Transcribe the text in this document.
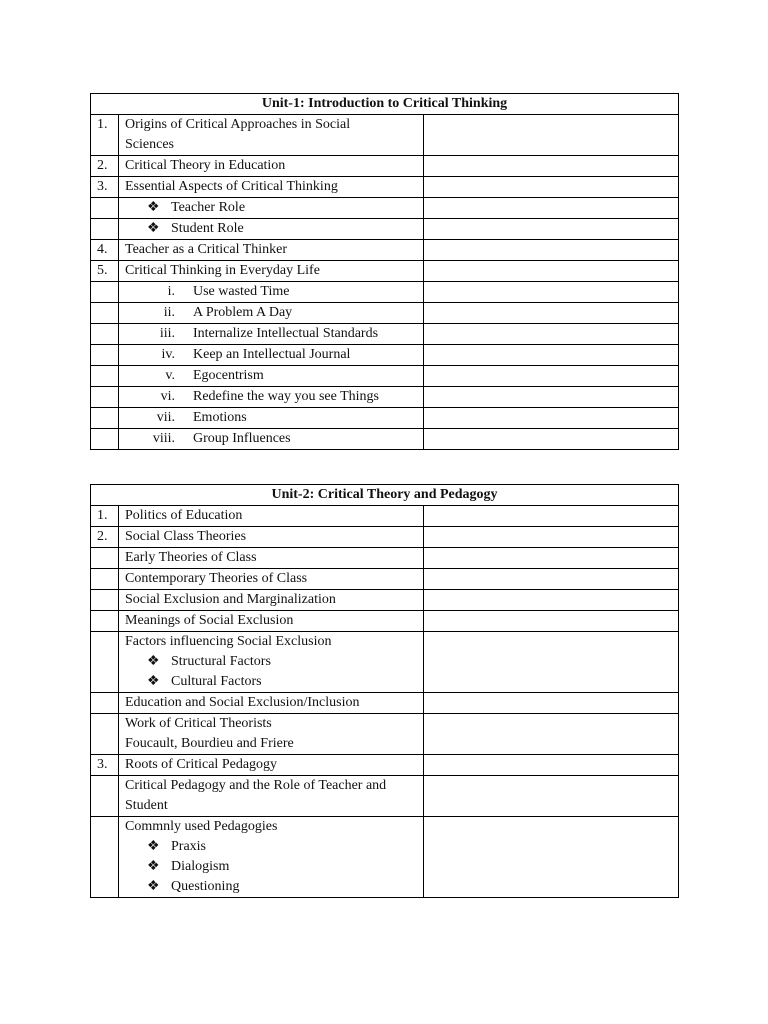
Unit-1: Introduction to Critical Thinking		
1.	Origins of Critical Approaches in Social
Sciences	

2.	Critical Theory in Education	
3.	Essential Aspects of Critical Thinking	

	❖ Teacher Role	

	❖ Student Role	

4.	Teacher as a Critical Thinker	
5.	Critical Thinking in Everyday Life	

	i. Use wasted Time	

	ii. A Problem A Day	

	iii. Internalize Intellectual Standards	

	iv. Keep an Intellectual Journal	

	v. Egocentrism	

	vi. Redefine the way you see Things	

	vii. Emotions	

	viii. Group Influences	

Unit-2: Critical Theory and Pedagogy		
1.	Politics of Education	
2.	Social Class Theories	
	Early Theories of Class	
	Contemporary Theories of Class	
	Social Exclusion and Marginalization	
	Meanings of Social Exclusion	

	Factors influencing Social Exclusion
❖ Structural Factors
❖ Cultural Factors	

	Education and Social Exclusion/Inclusion	

	Work of Critical Theorists
Foucault, Bourdieu and Friere	

3.	Roots of Critical Pedagogy	

	Critical Pedagogy and the Role of Teacher and
Student	

	Commnly used Pedagogies
❖ Praxis
❖ Dialogism
❖ Questioning	
